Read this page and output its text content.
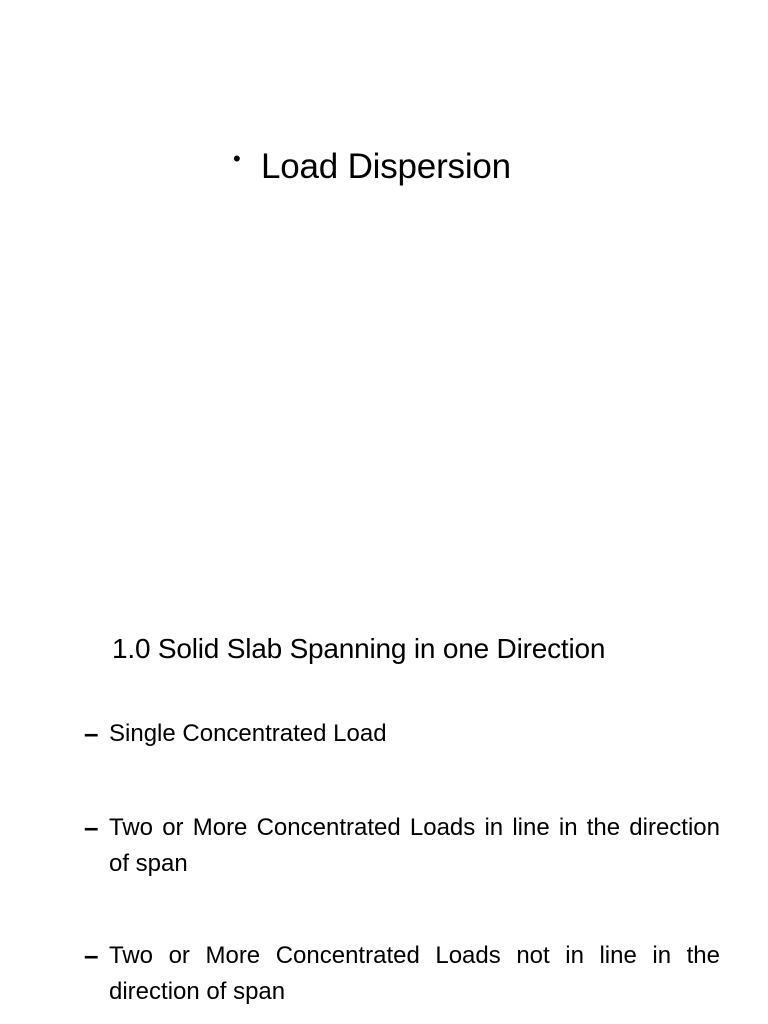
• Load Dispersion
1.0 Solid Slab Spanning in one Direction
– Single Concentrated Load
– Two or More Concentrated Loads in line in the direction of span
– Two or More Concentrated Loads not in line in the direction of span
